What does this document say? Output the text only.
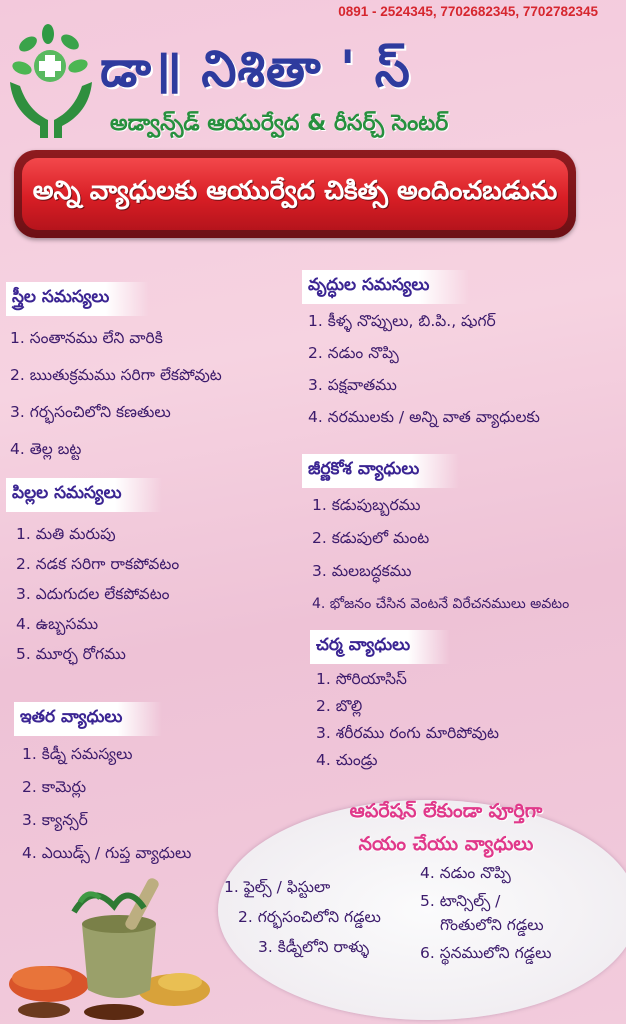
0891 - 2524345, 7702682345, 7702782345
డా॥ నిశితా ' స్
అడ్వాన్స్‌డ్ ఆయుర్వేద & రీసర్చ్ సెంటర్
అన్ని వ్యాధులకు ఆయుర్వేద చికిత్స అందించబడును
స్త్రీల సమస్యలు
1. సంతానము లేని వారికి
2. ఋతుక్రమము సరిగా లేకపోవుట
3. గర్భసంచిలోని కణతులు
4. తెల్ల బట్ట
పిల్లల సమస్యలు
1. మతి మరుపు
2. నడక సరిగా రాకపోవటం
3. ఎదుగుదల లేకపోవటం
4. ఉబ్బసము
5. మూర్ఛ రోగము
ఇతర వ్యాధులు
1. కిడ్నీ సమస్యలు
2. కామెర్లు
3. క్యాన్సర్
4. ఎయిడ్స్ / గుప్త వ్యాధులు
వృద్ధుల సమస్యలు
1. కీళ్ళ నొప్పులు, బి.పి., షుగర్
2. నడుం నొప్పి
3. పక్షవాతము
4. నరములకు / అన్ని వాత వ్యాధులకు
జీర్ణకోశ వ్యాధులు
1. కడుపుబ్బరము
2. కడుపులో మంట
3. మలబద్ధకము
4. భోజనం చేసిన వెంటనే విరేచనములు అవటం
చర్మ వ్యాధులు
1. సోరియాసిస్
2. బొల్లి
3. శరీరము రంగు మారిపోవుట
4. చుండ్రు
ఆపరేషన్ లేకుండా పూర్తిగా
నయం చేయు వ్యాధులు
1. ఫైల్స్ / ఫిస్టులా
2. గర్భసంచిలోని గడ్డలు
3. కిడ్నీలోని రాళ్ళు
4. నడుం నొప్పి
5. టాన్సిల్స్ /
గొంతులోని గడ్డలు
6. స్థనములోని గడ్డలు
